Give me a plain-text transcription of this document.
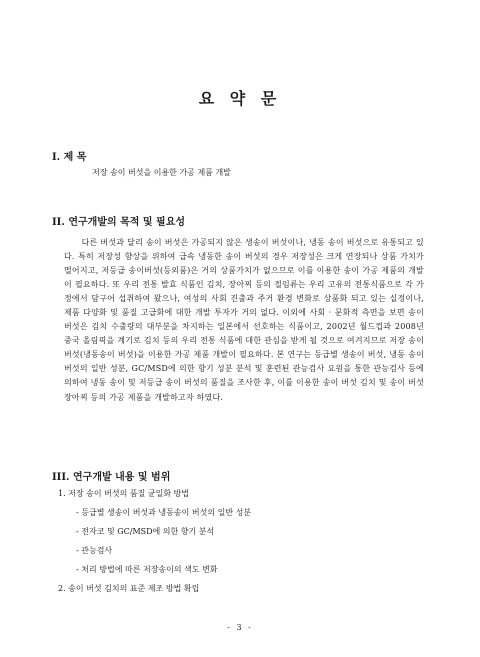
요 약 문
I. 제 목
저장 송이 버섯을 이용한 가공 제품 개발
II. 연구개발의 목적 및 필요성
다른 버섯과 달리 송이 버섯은 가공되지 않은 생송이 버섯이나, 냉동 송이 버섯으로 유통되고 있다. 특히 저장성 향상을 위하여 급속 냉동한 송이 버섯의 경우 저장성은 크게 연장되나 상품 가치가 떨어지고, 저등급 송이버섯(등외품)은 거의 상품가치가 없으므로 이를 이용한 송이 가공 제품의 개발이 필요하다. 또 우리 전통 발효 식품인 김치, 장아찌 등의 절임류는 우리 고유의 전통식품으로 각 가정에서 담구어 섭취하여 왔으나, 여성의 사회 진출과 주거 환경 변화로 상품화 되고 있는 실정이나, 제품 다양화 및 품질 고급화에 대한 개발 투자가 거의 없다. 이외에 사회 · 문화적 측면을 보면 송이 버섯은 김치 수출량의 대부분을 차지하는 일본에서 선호하는 식품이고, 2002년 월드컵과 2008년 중국 올림픽을 계기로 김치 등의 우리 전통 식품에 대한 관심을 받게 될 것으로 여겨지므로 저장 송이버섯(냉동송이 버섯)을 이용한 가공 제품 개발이 필요하다. 본 연구는 등급별 생송이 버섯, 냉동 송이 버섯의 일반 성분, GC/MSD에 의한 향기 성분 분석 및 훈련된 관능검사 요원을 통한 관능검사 등에 의하여 냉동 송이 및 저등급 송이 버섯의 품질을 조사한 후, 이를 이용한 송이 버섯 김치 및 송이 버섯 장아찌 등의 가공 제품을 개발하고자 하였다.
III. 연구개발 내용 및 범위
1. 저장 송이 버섯의 품질 균일화 방법
- 등급별 생송이 버섯과 냉동송이 버섯의 일반 성분
- 전자코 및 GC/MSD에 의한 향기 분석
- 관능검사
- 처리 방법에 따른 저장송이의 색도 변화
2. 송이 버섯 김치의 표준 제조 방법 확립
- 3 -
